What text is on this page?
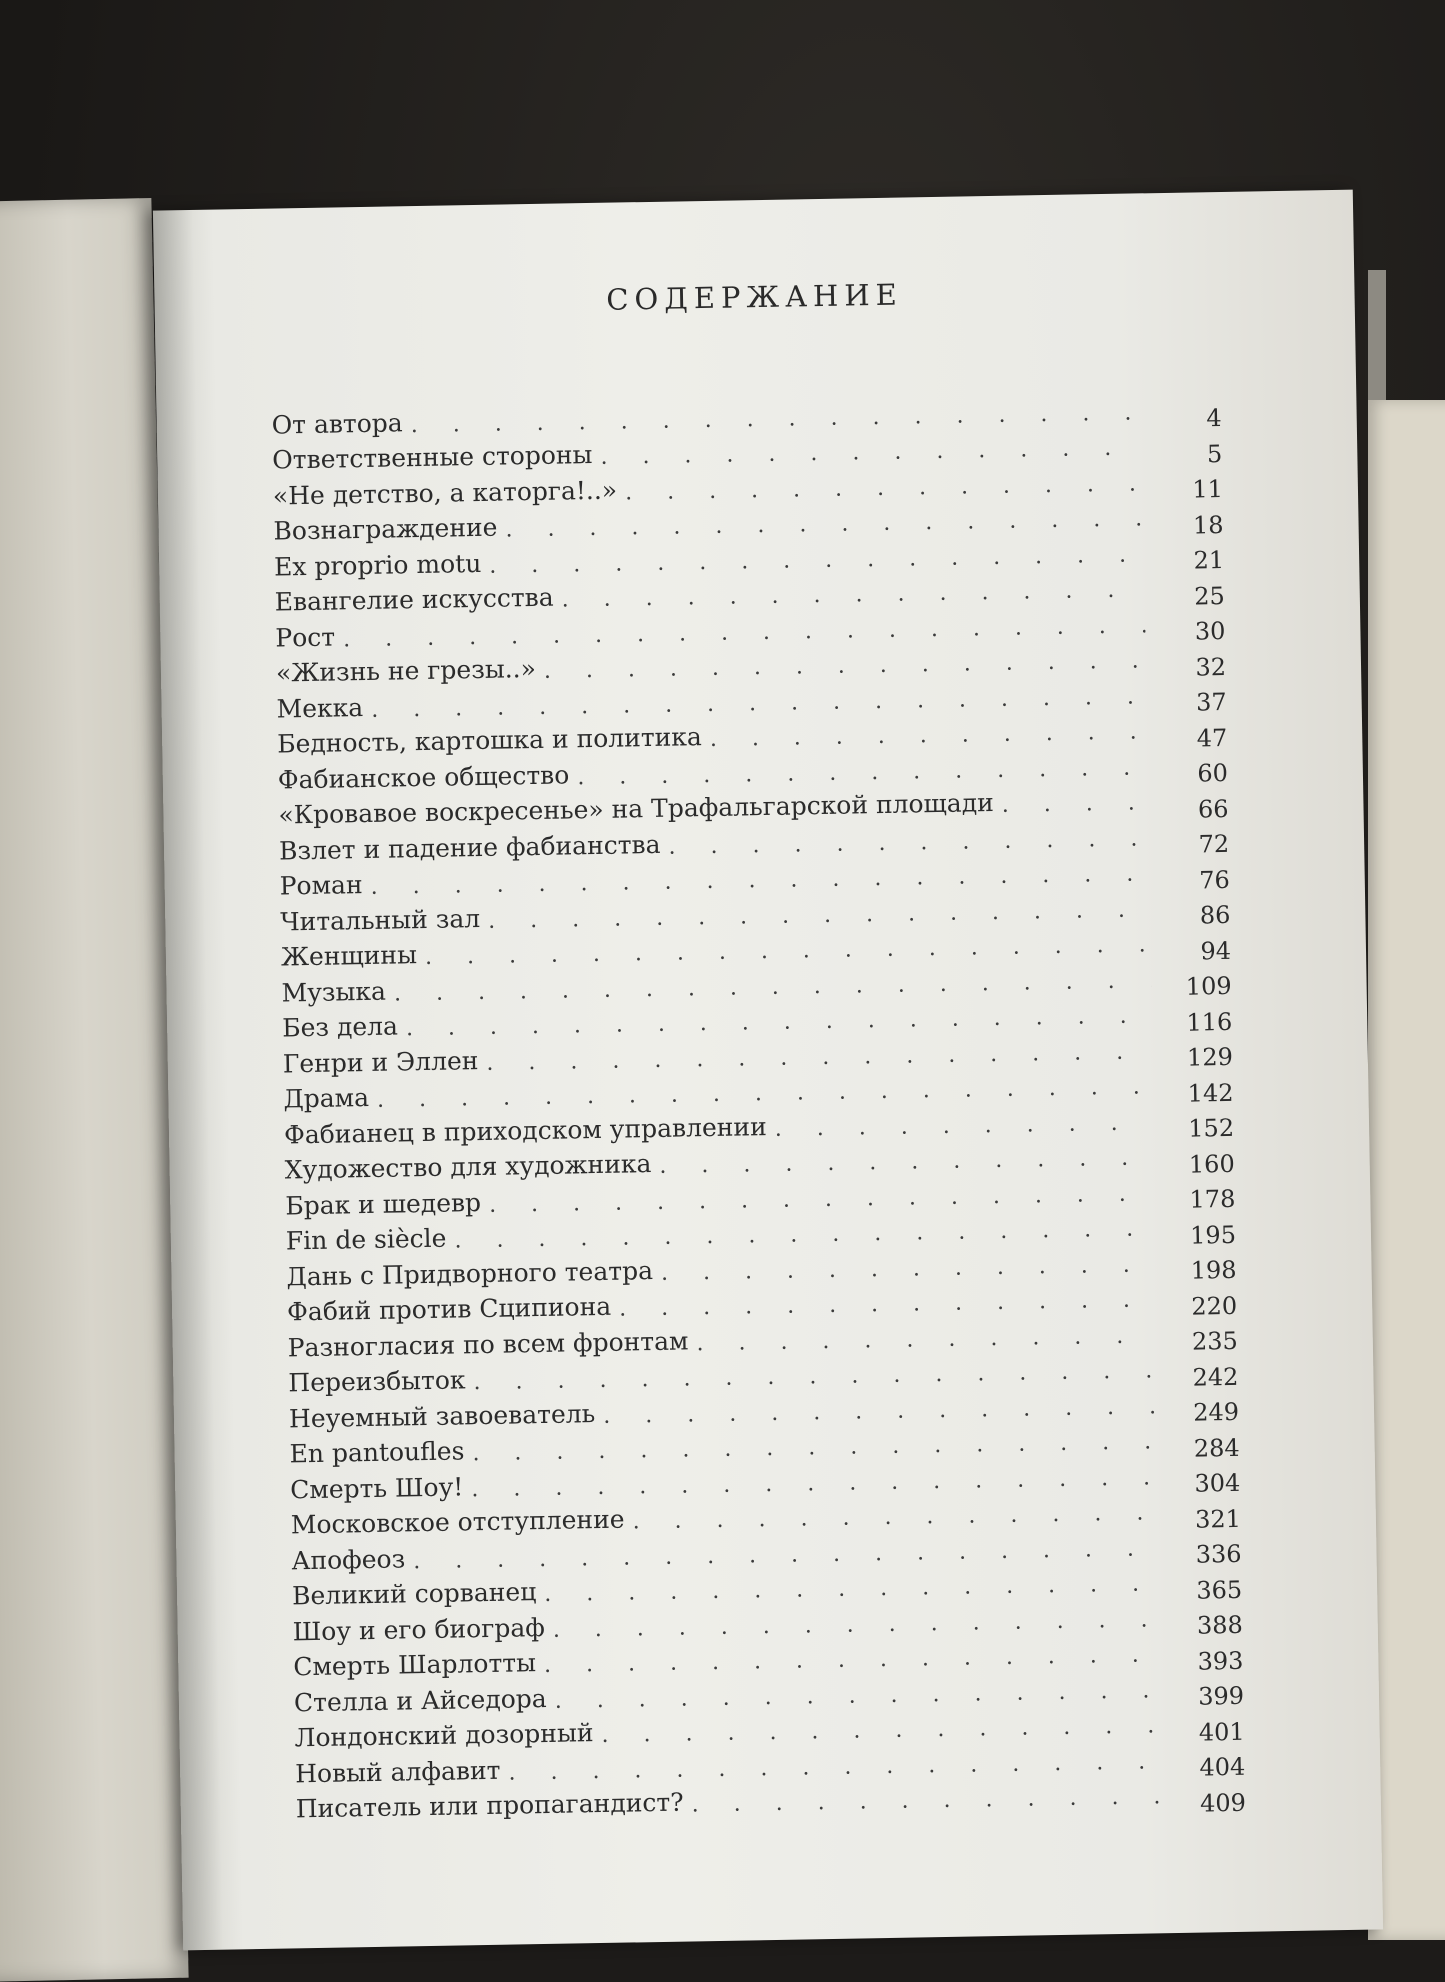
СОДЕРЖАНИЕ
От автора . . .	4
Ответственные стороны . . .	5
«Не детство, а каторга!..» . . .	11
Вознаграждение . . .	18
Ex proprio motu . . .	21
Евангелие искусства . . .	25
Рост . . .	30
«Жизнь не грезы..» . . .	32
Мекка . . .	37
Бедность, картошка и политика . . .	47
Фабианское общество . . .	60
«Кровавое воскресенье» на Трафальгарской площади . . .	66
Взлет и падение фабианства . . .	72
Роман . . .	76
Читальный зал . . .	86
Женщины . . .	94
Музыка . . .	109
Без дела . . .	116
Генри и Эллен . . .	129
Драма . . .	142
Фабианец в приходском управлении . . .	152
Художество для художника . . .	160
Брак и шедевр . . .	178
Fin de siècle . . .	195
Дань с Придворного театра . . .	198
Фабий против Сципиона . . .	220
Разногласия по всем фронтам . . .	235
Переизбыток . . .	242
Неуемный завоеватель . . .	249
En pantoufles . . .	284
Смерть Шоу! . . .	304
Московское отступление . . .	321
Апофеоз . . .	336
Великий сорванец . . .	365
Шоу и его биограф . . .	388
Смерть Шарлотты . . .	393
Стелла и Айседора . . .	399
Лондонский дозорный . . .	401
Новый алфавит . . .	404
Писатель или пропагандист? . . .	409
